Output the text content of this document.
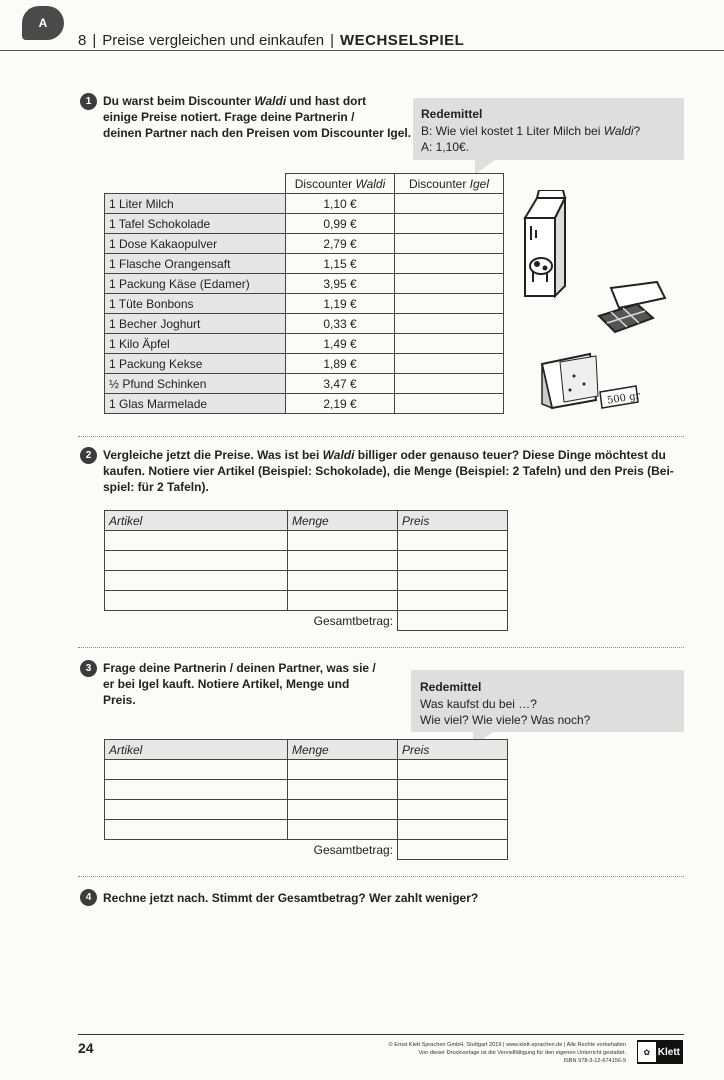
A
8 | Preise vergleichen und einkaufen | WECHSELSPIEL
1 Du warst beim Discounter Waldi und hast dort
einige Preise notiert. Frage deine Partnerin /
deinen Partner nach den Preisen vom Discounter Igel.
Redemittel
B: Wie viel kostet 1 Liter Milch bei Waldi?
A: 1,10€.
	Discounter Waldi	Discounter Igel
1 Liter Milch	1,10 €	
1 Tafel Schokolade	0,99 €	
1 Dose Kakaopulver	2,79 €	
1 Flasche Orangensaft	1,15 €	
1 Packung Käse (Edamer)	3,95 €	
1 Tüte Bonbons	1,19 €	
1 Becher Joghurt	0,33 €	
1 Kilo Äpfel	1,49 €	
1 Packung Kekse	1,89 €	
½ Pfund Schinken	3,47 €	
1 Glas Marmelade	2,19 €		500 gr
2 Vergleiche jetzt die Preise. Was ist bei Waldi billiger oder genauso teuer? Diese Dinge möchtest du
kaufen. Notiere vier Artikel (Beispiel: Schokolade), die Menge (Beispiel: 2 Tafeln) und den Preis (Bei-
spiel: für 2 Tafeln).
Artikel	Menge	Preis

Gesamtbetrag:		
3 Frage deine Partnerin / deinen Partner, was sie /
er bei Igel kauft. Notiere Artikel, Menge und
Preis.
Redemittel
Was kaufst du bei …?
Wie viel? Wie viele? Was noch?
Artikel	Menge	Preis

Gesamtbetrag:		
4 Rechne jetzt nach. Stimmt der Gesamtbetrag? Wer zahlt weniger?
24	© Ernst Klett Sprachen GmbH, Stuttgart 2019 | www.klett-sprachen.de | Alle Rechte vorbehalten
Von dieser Druckvorlage ist die Vervielfältigung für den eigenen Unterricht gestattet.
ISBN 978-3-12-674156-9
✿ Klett
